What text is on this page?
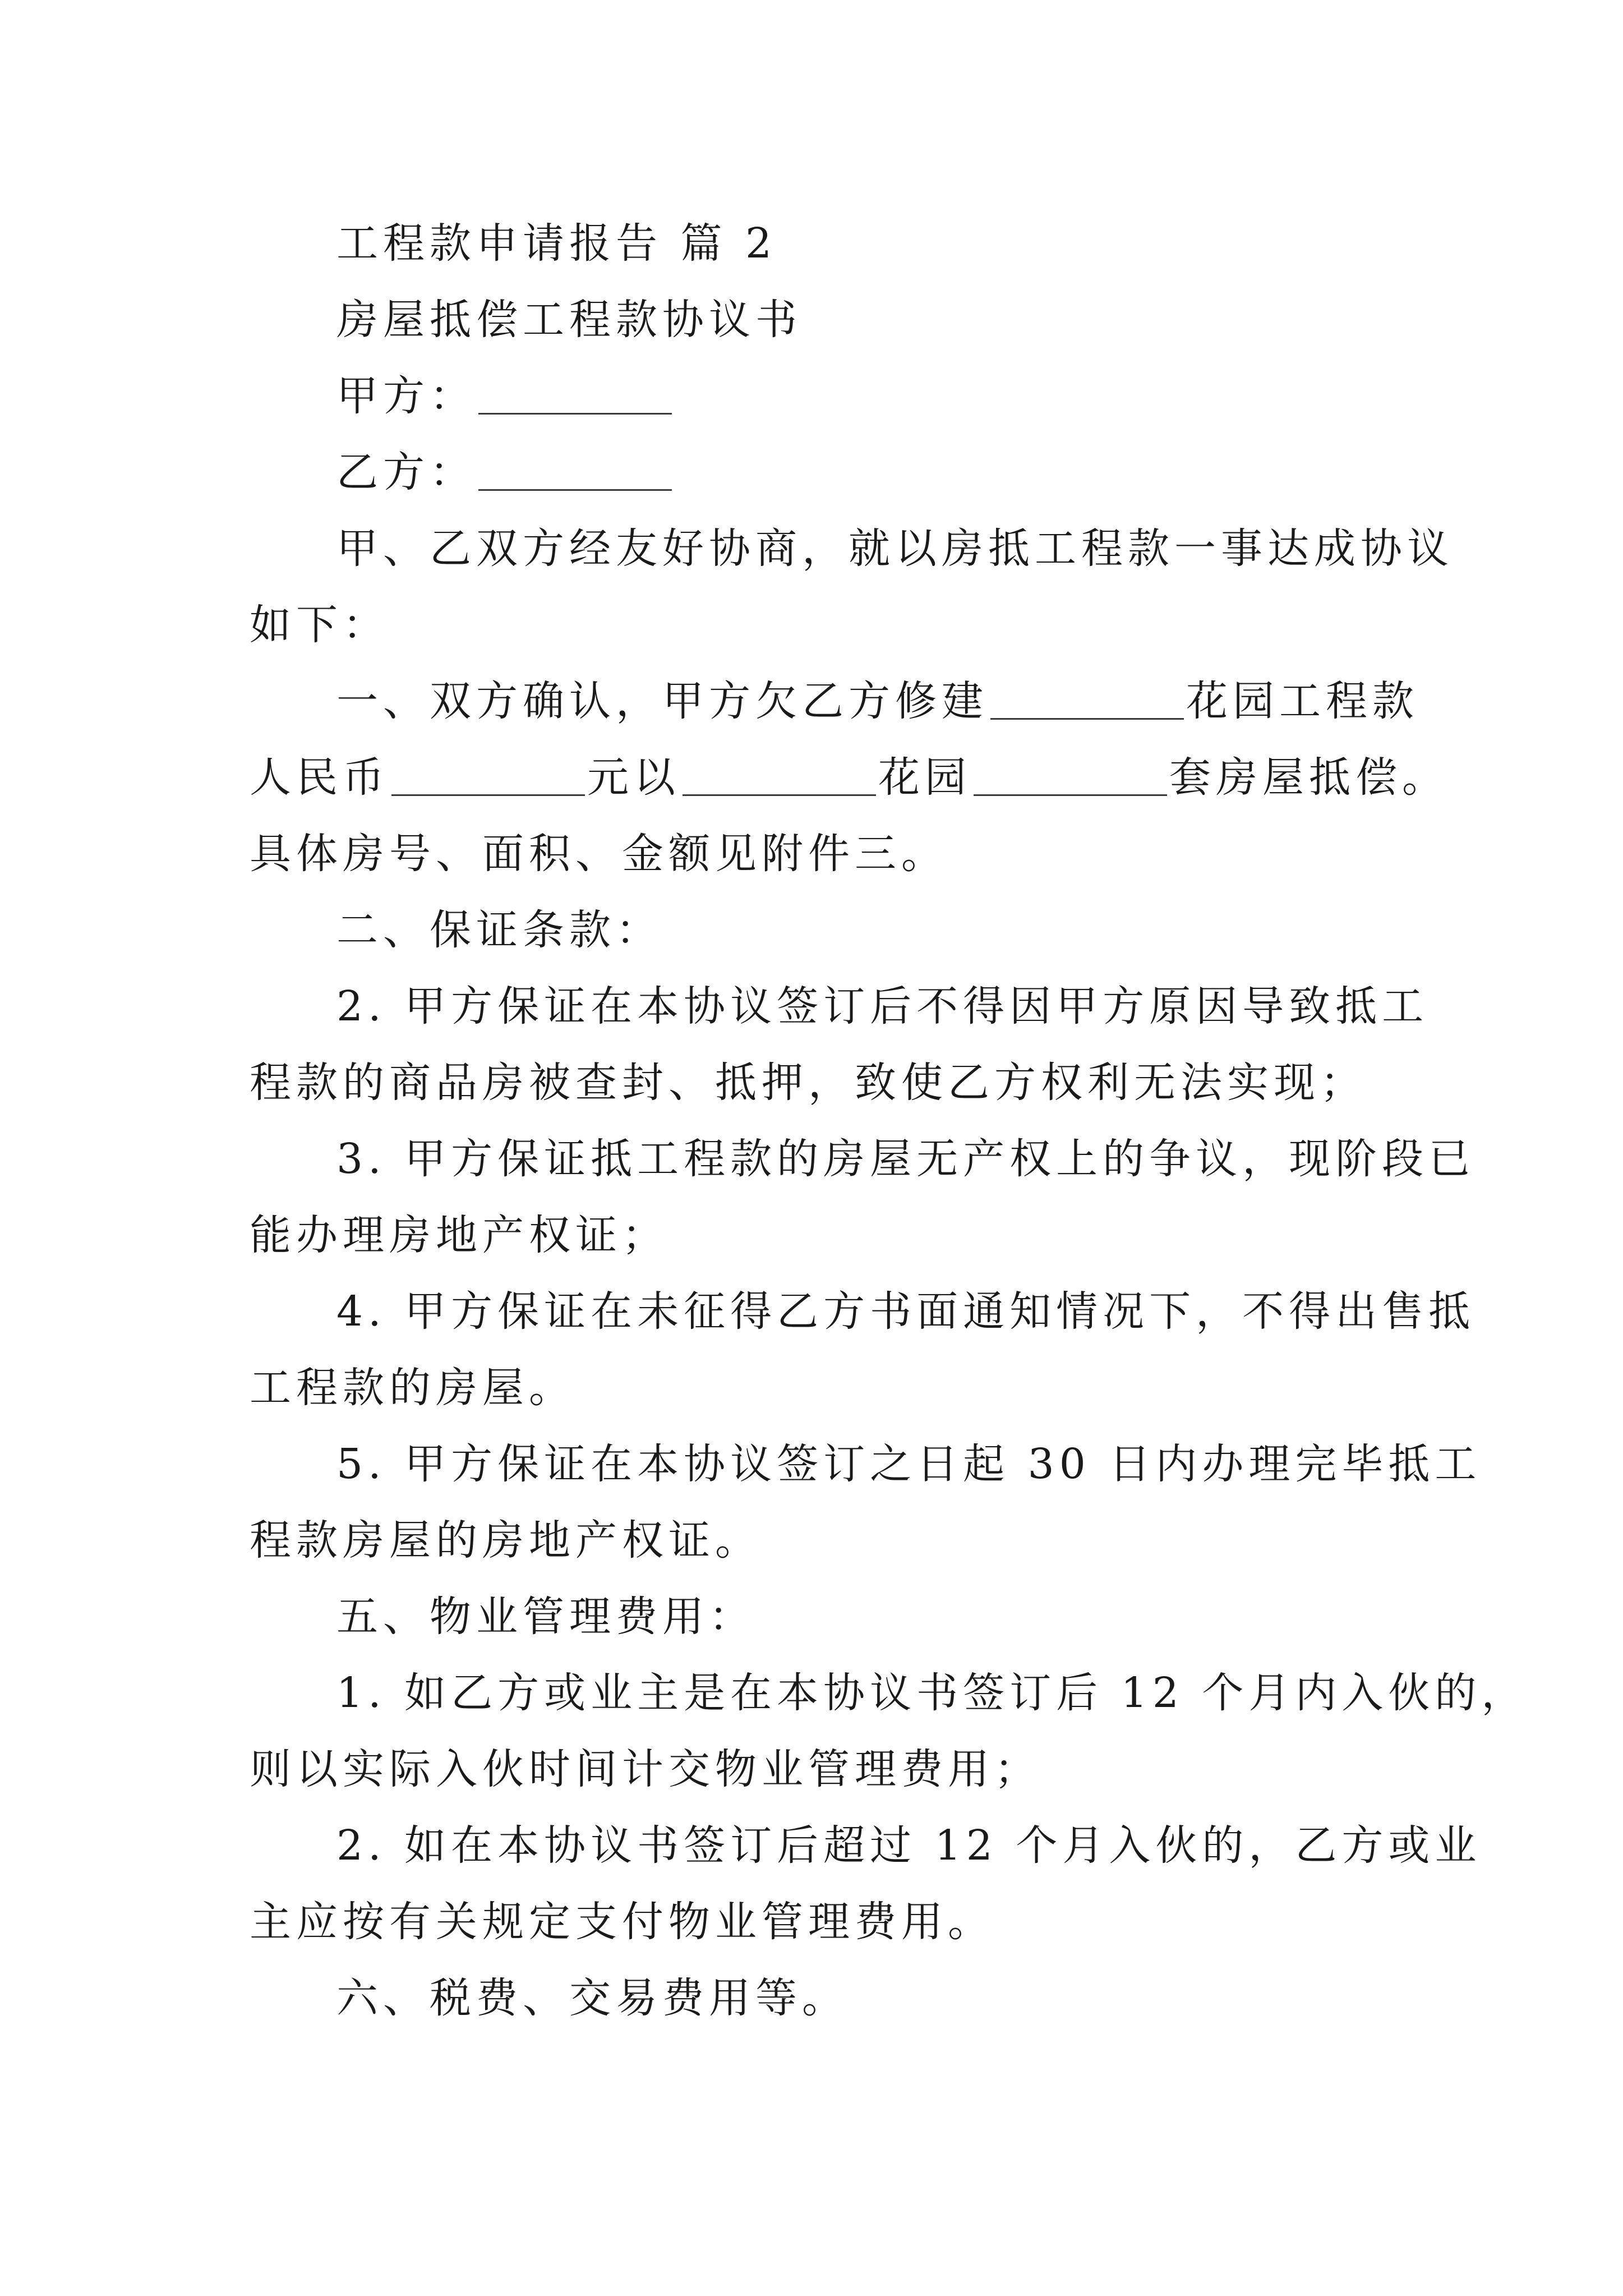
工程款申请报告 篇 2
房屋抵偿工程款协议书
甲方：
乙方：
甲、乙双方经友好协商，就以房抵工程款一事达成协议
如下：
一、双方确认，甲方欠乙方修建	花园工程款
人民币	元以	花园	套房屋抵偿。
具体房号、面积、金额见附件三。
二、保证条款：
2. 甲方保证在本协议签订后不得因甲方原因导致抵工
程款的商品房被查封、抵押，致使乙方权利无法实现；
3. 甲方保证抵工程款的房屋无产权上的争议，现阶段已
能办理房地产权证；
4. 甲方保证在未征得乙方书面通知情况下，不得出售抵
工程款的房屋。
5. 甲方保证在本协议签订之日起 30 日内办理完毕抵工
程款房屋的房地产权证。
五、物业管理费用：
1. 如乙方或业主是在本协议书签订后 12 个月内入伙的，
则以实际入伙时间计交物业管理费用；
2. 如在本协议书签订后超过 12 个月入伙的，乙方或业
主应按有关规定支付物业管理费用。
六、税费、交易费用等。
